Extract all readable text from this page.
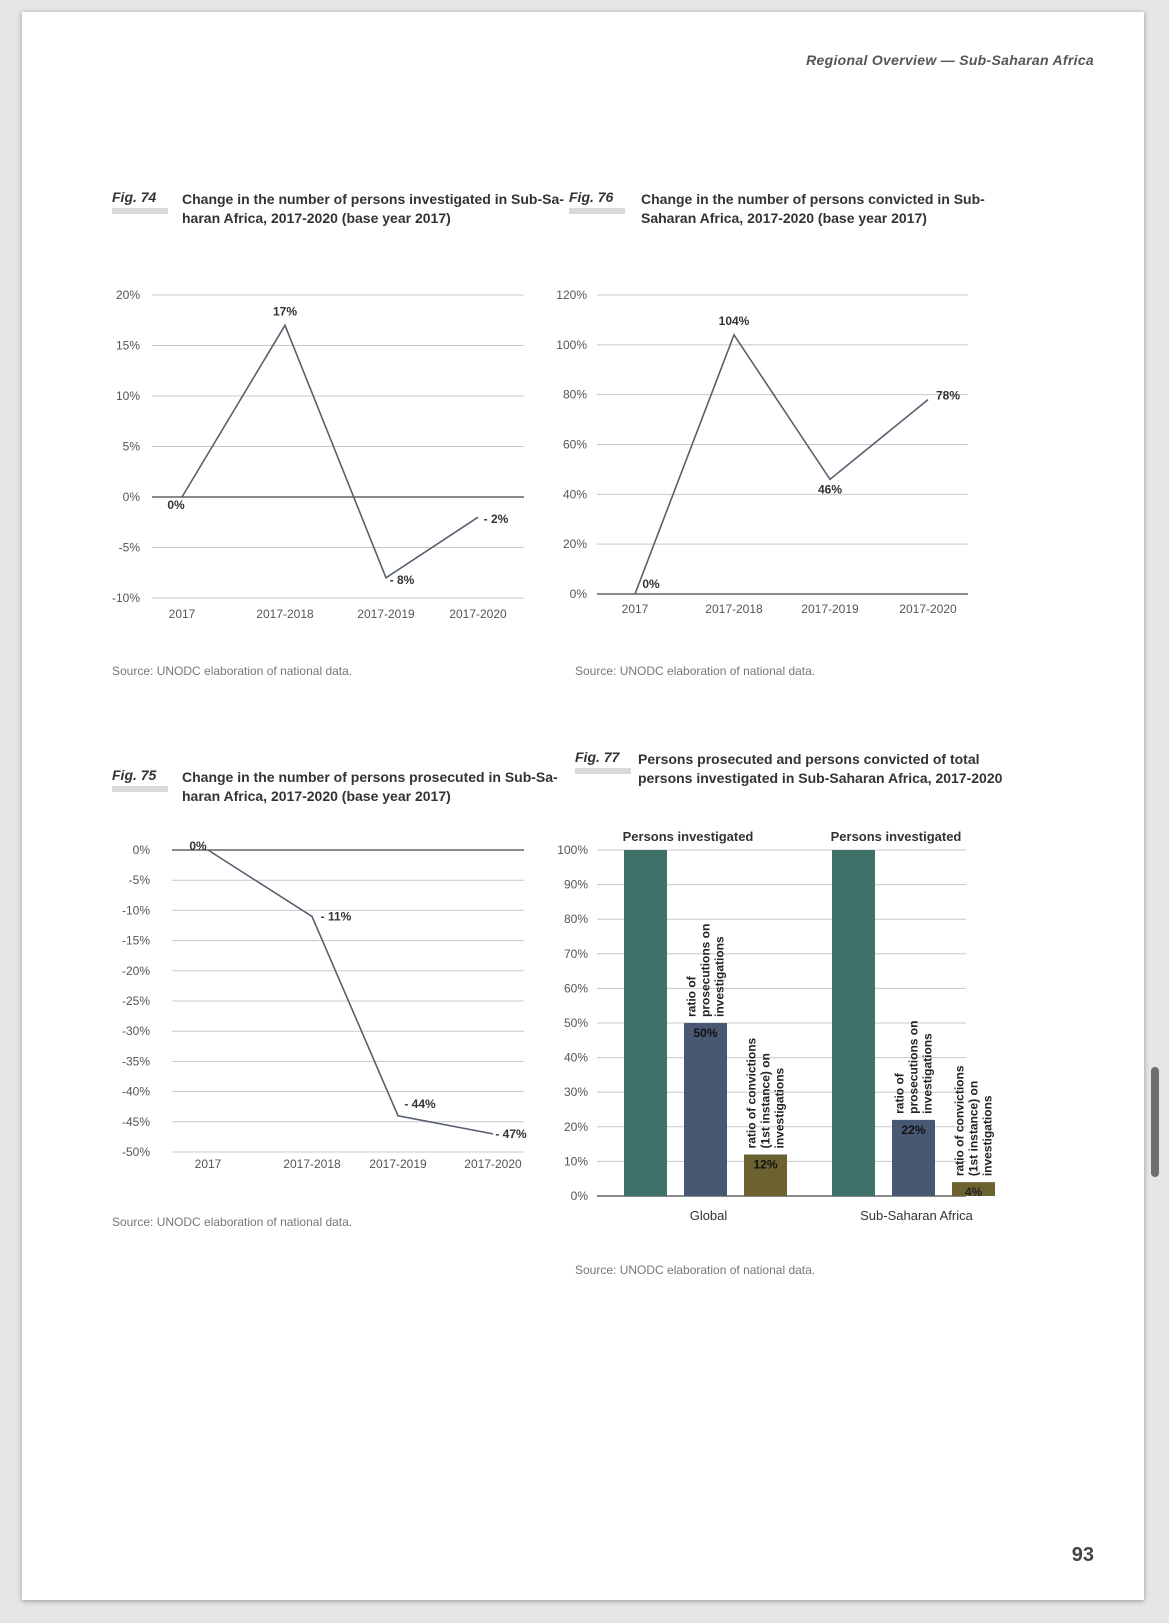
Regional Overview — Sub-Saharan Africa
Fig. 74	Change in the number of persons investigated in Sub-Sa-
haran Africa, 2017-2020 (base year 2017)
Source: UNODC elaboration of national data.
Fig. 76	Change in the number of persons convicted in Sub-
Saharan Africa, 2017-2020 (base year 2017)
Source: UNODC elaboration of national data.
Fig. 75	Change in the number of persons prosecuted in Sub-Sa-
haran Africa, 2017-2020 (base year 2017)
Source: UNODC elaboration of national data.
Fig. 77	Persons prosecuted and persons convicted of total
persons investigated in Sub-Saharan Africa, 2017-2020
Source: UNODC elaboration of national data.
20%
15%
10%
5%
0%
-5%
-10%
2017	2017-2018	2017-2019	2017-2020
0%
17%
- 8%
- 2%
120%
100%
80%
60%
40%
20%
0%
2017	2017-2018	2017-2019	2017-2020
0%
104%
46%
78%
0%
-5%
-10%
-15%
-20%
-25%
-30%
-35%
-40%
-45%
-50%
2017	2017-2018 2017-2019	2017-2020
0%
- 11%
- 44%
- 47%
100%
90%
80%
70%
60%
50%
40%
30%
20%
10%
0%
Global
Persons investigated
50%
ratio of prosecutions on investigations
12%
ratio of convictions (1st instance) on investigations
Sub-Saharan Africa
Persons investigated
22%
ratio of prosecutions on investigations
4%
ratio of convictions (1st instance) on investigations
93
